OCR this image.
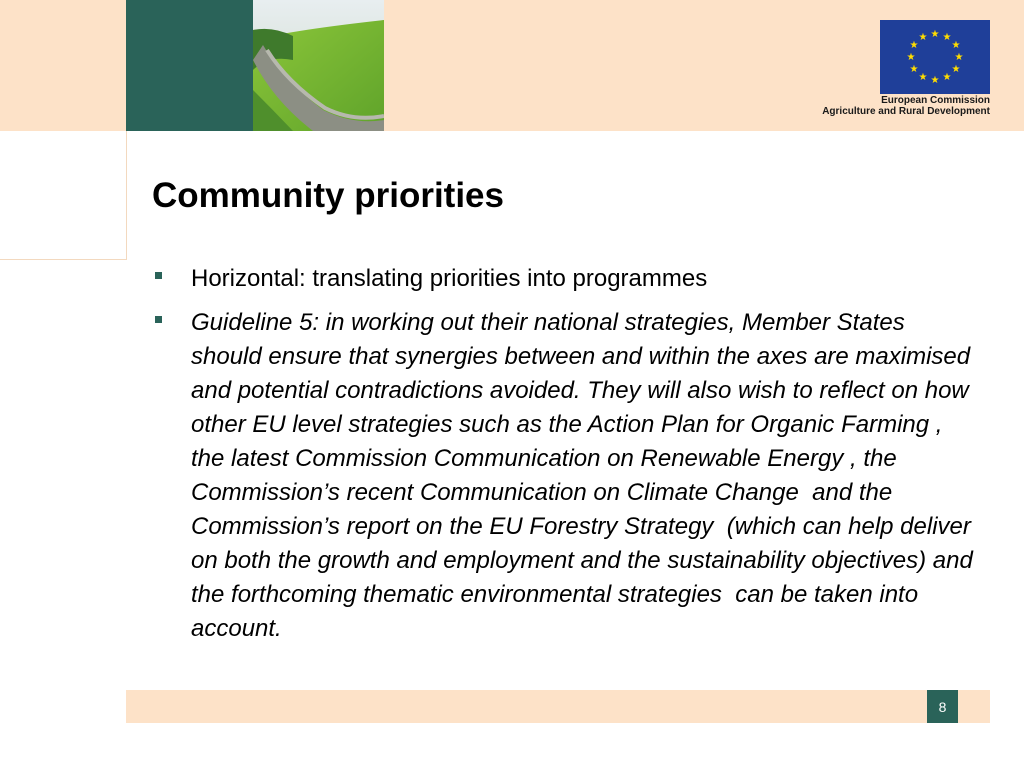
★ ★
★
★
★
★
★
★
★
★
★
★
European Commission
Agriculture and Rural Development
Community priorities
Horizontal: translating priorities into programmes
Guideline 5: in working out their national strategies, Member States should ensure that synergies between and within the axes are maximised and potential contradictions avoided. They will also wish to reflect on how other EU level strategies such as the Action Plan for Organic Farming , the latest Commission Communication on Renewable Energy , the Commission’s recent Communication on Climate Change  and the Commission’s report on the EU Forestry Strategy  (which can help deliver on both the growth and employment and the sustainability objectives) and the forthcoming thematic environmental strategies  can be taken into account.
8
